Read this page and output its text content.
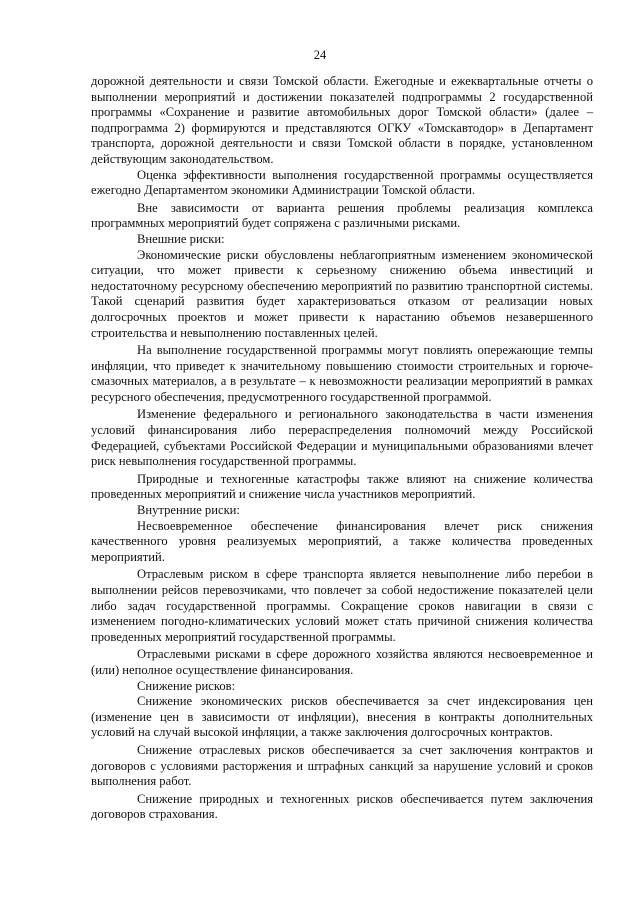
24

дорожной деятельности и связи Томской области. Ежегодные и ежеквартальные отчеты о выполнении мероприятий и достижении показателей подпрограммы 2 государственной программы «Сохранение и развитие автомобильных дорог Томской области» (далее – подпрограмма 2) формируются и представляются ОГКУ «Томскавтодор» в Департамент транспорта, дорожной деятельности и связи Томской области в порядке, установленном действующим законодательством.

Оценка эффективности выполнения государственной программы осуществляется ежегодно Департаментом экономики Администрации Томской области.

Вне зависимости от варианта решения проблемы реализация комплекса программных мероприятий будет сопряжена с различными рисками.

Внешние риски:

Экономические риски обусловлены неблагоприятным изменением экономической ситуации, что может привести к серьезному снижению объема инвестиций и недостаточному ресурсному обеспечению мероприятий по развитию транспортной системы. Такой сценарий развития будет характеризоваться отказом от реализации новых долгосрочных проектов и может привести к нарастанию объемов незавершенного строительства и невыполнению поставленных целей.

На выполнение государственной программы могут повлиять опережающие темпы инфляции, что приведет к значительному повышению стоимости строительных и горюче-смазочных материалов, а в результате – к невозможности реализации мероприятий в рамках ресурсного обеспечения, предусмотренного государственной программой.

Изменение федерального и регионального законодательства в части изменения условий финансирования либо перераспределения полномочий между Российской Федерацией, субъектами Российской Федерации и муниципальными образованиями влечет риск невыполнения государственной программы.

Природные и техногенные катастрофы также влияют на снижение количества проведенных мероприятий и снижение числа участников мероприятий.

Внутренние риски:

Несвоевременное обеспечение финансирования влечет риск снижения качественного уровня реализуемых мероприятий, а также количества проведенных мероприятий.

Отраслевым риском в сфере транспорта является невыполнение либо перебои в выполнении рейсов перевозчиками, что повлечет за собой недостижение показателей цели либо задач государственной программы. Сокращение сроков навигации в связи с изменением погодно-климатических условий может стать причиной снижения количества проведенных мероприятий государственной программы.

Отраслевыми рисками в сфере дорожного хозяйства являются несвоевременное и (или) неполное осуществление финансирования.

Снижение рисков:

Снижение экономических рисков обеспечивается за счет индексирования цен (изменение цен в зависимости от инфляции), внесения в контракты дополнительных условий на случай высокой инфляции, а также заключения долгосрочных контрактов.

Снижение отраслевых рисков обеспечивается за счет заключения контрактов и договоров с условиями расторжения и штрафных санкций за нарушение условий и сроков выполнения работ.

Снижение природных и техногенных рисков обеспечивается путем заключения договоров страхования.
